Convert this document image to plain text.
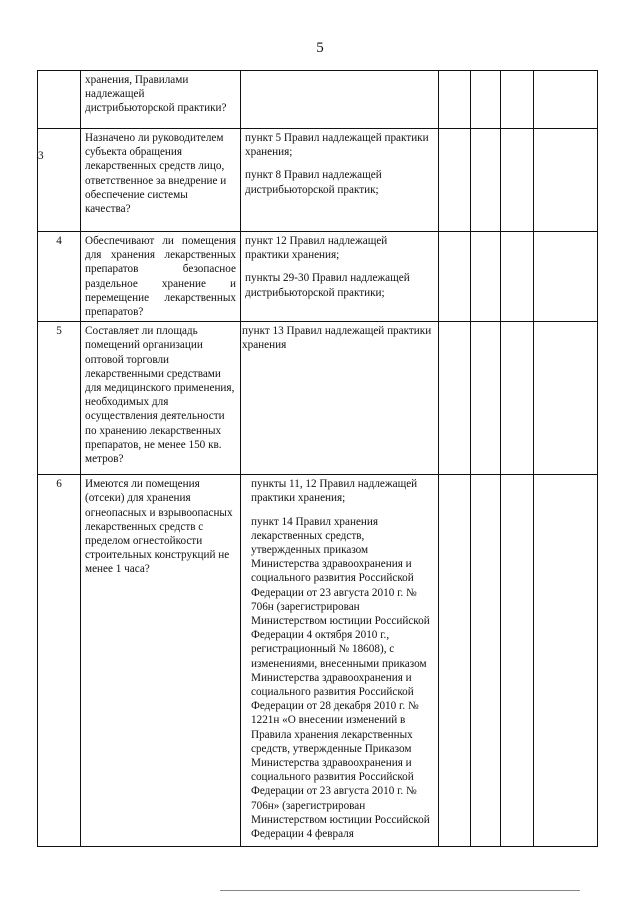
5
	хранения, Правилами надлежащей дистрибьюторской практики?					
3	Назначено ли руководителем субъекта обращения лекарственных средств лицо, ответственное за внедрение и обеспечение системы качества?	пункт 5 Правил надлежащей практики хранения;

пункт 8 Правил надлежащей дистрибьюторской практик;				

4	Обеспечивают ли помещения для хранения лекарственных препаратов безопасное раздельное хранение и перемещение лекарственных препаратов?	пункт 12 Правил надлежащей практики хранения;

пункты 29-30 Правил надлежащей дистрибьюторской практики;				

5	Составляет ли площадь помещений организации оптовой торговли лекарственными средствами для медицинского применения, необходимых для осуществления деятельности по хранению лекарственных препаратов, не менее 150 кв. метров?	пункт 13 Правил надлежащей практики хранения				

6	Имеются ли помещения (отсеки) для хранения огнеопасных и взрывоопасных лекарственных средств с пределом огнестойкости строительных конструкций не менее 1 часа?	пункты 11, 12 Правил надлежащей практики хранения;

пункт 14 Правил хранения лекарственных средств, утвержденных приказом Министерства здравоохранения и социального развития Российской Федерации от 23 августа 2010 г. № 706н (зарегистрирован Министерством юстиции Российской Федерации 4 октября 2010 г., регистрационный № 18608), с изменениями, внесенными приказом Министерства здравоохранения и социального развития Российской Федерации от 28 декабря 2010 г. № 1221н «О внесении изменений в Правила хранения лекарственных средств, утвержденные Приказом Министерства здравоохранения и социального развития Российской Федерации от 23 августа 2010 г. № 706н» (зарегистрирован Министерством юстиции Российской Федерации 4 февраля				
